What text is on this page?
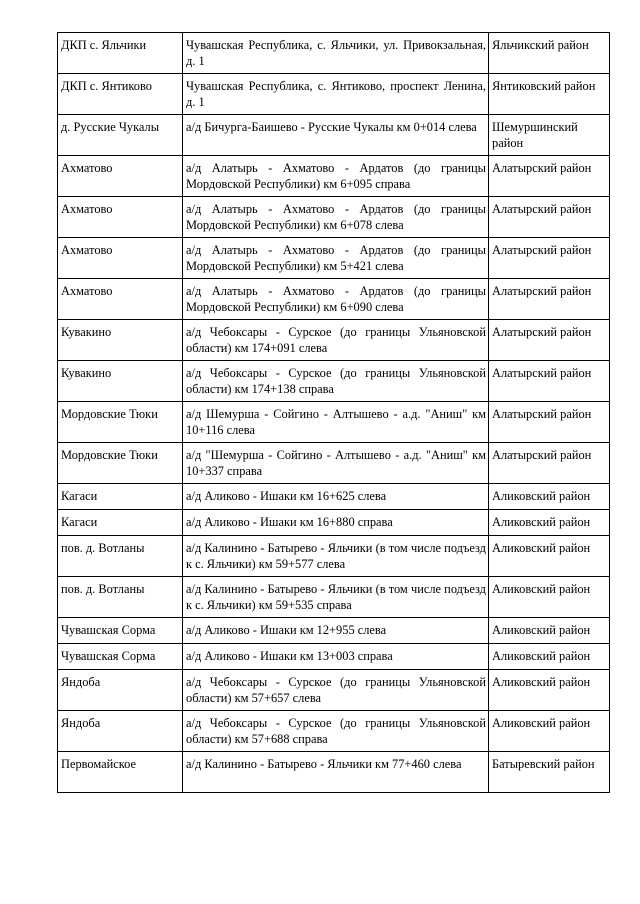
ДКП с. Яльчики	Чувашская Республика, с. Яльчики, ул. Привокзальная, д. 1	Яльчикский район
ДКП с. Янтиково	Чувашская Республика, с. Янтиково, проспект Ленина, д. 1	Янтиковский район
д. Русские Чукалы	а/д Бичурга-Баишево - Русские Чукалы км 0+014 слева	Шемуршинский район
Ахматово	а/д Алатырь - Ахматово - Ардатов (до границы Мордовской Республики) км 6+095 справа	Алатырский район
Ахматово	а/д Алатырь - Ахматово - Ардатов (до границы Мордовской Республики) км 6+078 слева	Алатырский район
Ахматово	а/д Алатырь - Ахматово - Ардатов (до границы Мордовской Республики) км 5+421 слева	Алатырский район
Ахматово	а/д Алатырь - Ахматово - Ардатов (до границы Мордовской Республики) км 6+090 слева	Алатырский район
Кувакино	а/д Чебоксары - Сурское (до границы Ульяновской области) км 174+091 слева	Алатырский район
Кувакино	а/д Чебоксары - Сурское (до границы Ульяновской области) км 174+138 справа	Алатырский район
Мордовские Тюки	а/д Шемурша - Сойгино - Алтышево - а.д. "Аниш" км 10+116 слева	Алатырский район
Мордовские Тюки	а/д "Шемурша - Сойгино - Алтышево - а.д. "Аниш" км 10+337 справа	Алатырский район
Кагаси	а/д Аликово - Ишаки км 16+625 слева	Аликовский район
Кагаси	а/д Аликово - Ишаки км 16+880 справа	Аликовский район
пов. д. Вотланы	а/д Калинино - Батырево - Яльчики (в том числе подъезд к с. Яльчики) км 59+577 слева	Аликовский район
пов. д. Вотланы	а/д Калинино - Батырево - Яльчики (в том числе подъезд к с. Яльчики) км 59+535 справа	Аликовский район
Чувашская Сорма	а/д Аликово - Ишаки км 12+955 слева	Аликовский район
Чувашская Сорма	а/д Аликово - Ишаки км 13+003 справа	Аликовский район
Яндоба	а/д Чебоксары - Сурское (до границы Ульяновской области) км 57+657 слева	Аликовский район
Яндоба	а/д Чебоксары - Сурское (до границы Ульяновской области) км 57+688 справа	Аликовский район
Первомайское	а/д Калинино - Батырево - Яльчики км 77+460 слева	Батыревский район
